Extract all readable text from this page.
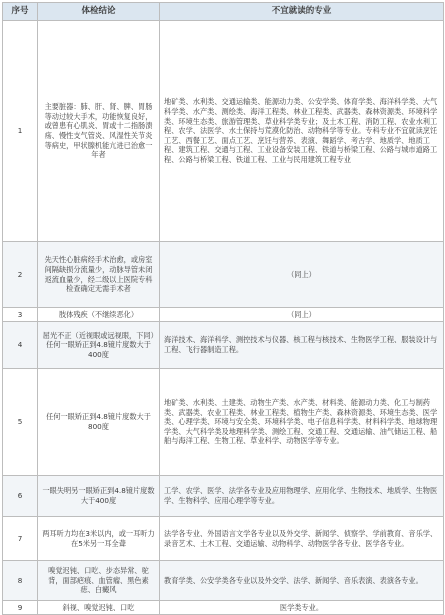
序号	体检结论	不宜就读的专业
1	主要脏器：肺、肝、肾、脾、胃肠等动过较大手术，功能恢复良好，或曾患有心肌炎、胃或十二指肠溃疡、慢性支气管炎、风湿性关节炎等病史，甲状腺机能亢进已治愈一年者	地矿类、水利类、交通运输类、能源动力类、公安学类、体育学类、海洋科学类、大气科学类、水产类、测绘类、海洋工程类、林业工程类、武器类、森林资源类、环境科学类、环境生态类、旅游管理类、草业科学类专业；及土木工程、消防工程、农业水利工程、农学、法医学、水土保持与荒漠化防治、动物科学等专业。专科专业不宜就读烹饪工艺、西餐工艺、面点工艺、烹饪与营养、表演、舞蹈学、考古学、地质学、地质工程、建筑工程、交通与工程、工业设备安装工程、铁道与桥梁工程、公路与城市道路工程、公路与桥梁工程、铁道工程、工业与民用建筑工程专业
2	先天性心脏病经手术治愈，或房室间隔缺损分流量少，动脉导管未闭返流血量少，经二级以上医院专科检查确定无需手术者	（同上）
3	肢体残疾（不继续恶化）	（同上）
4	屈光不正（近视眼或远视眼，下同）任何一眼矫正到4.8镜片度数大于400度	海洋技术、海洋科学、测控技术与仪器、核工程与核技术、生物医学工程、服装设计与工程、飞行器制造工程。
5	任何一眼矫正到4.8镜片度数大于800度	地矿类、水利类、土建类、动物生产类、水产类、材料类、能源动力类、化工与制药类、武器类、农业工程类、林业工程类、植物生产类、森林资源类、环境生态类、医学类、心理学类、环境与安全类、环境科学类、电子信息科学类、材料科学类、地球物理学类、大气科学类及地理科学类、测绘工程、交通工程、交通运输、油气储运工程、船舶与海洋工程、生物工程、草业科学、动物医学等专业。
6	一眼失明另一眼矫正到4.8镜片度数大于400度	工学、农学、医学、法学各专业及应用物理学、应用化学、生物技术、地质学、生物医学、生物科学、应用心理学等专业。
7	两耳听力均在3米以内，或一耳听力在5米另一耳全聋	法学各专业、外国语言文学各专业以及外交学、新闻学、侦察学、学前教育、音乐学、录音艺术、土木工程、交通运输、动物科学、动物医学各专业、医学各专业。
8	嗅觉迟钝、口吃、步态异常、驼背，面部疤痕、血管瘤、黑色素痣、白癜风	教育学类、公安学类各专业以及外交学、法学、新闻学、音乐表演、表演各专业。
9	斜视、嗅觉迟钝、口吃	医学类专业。
